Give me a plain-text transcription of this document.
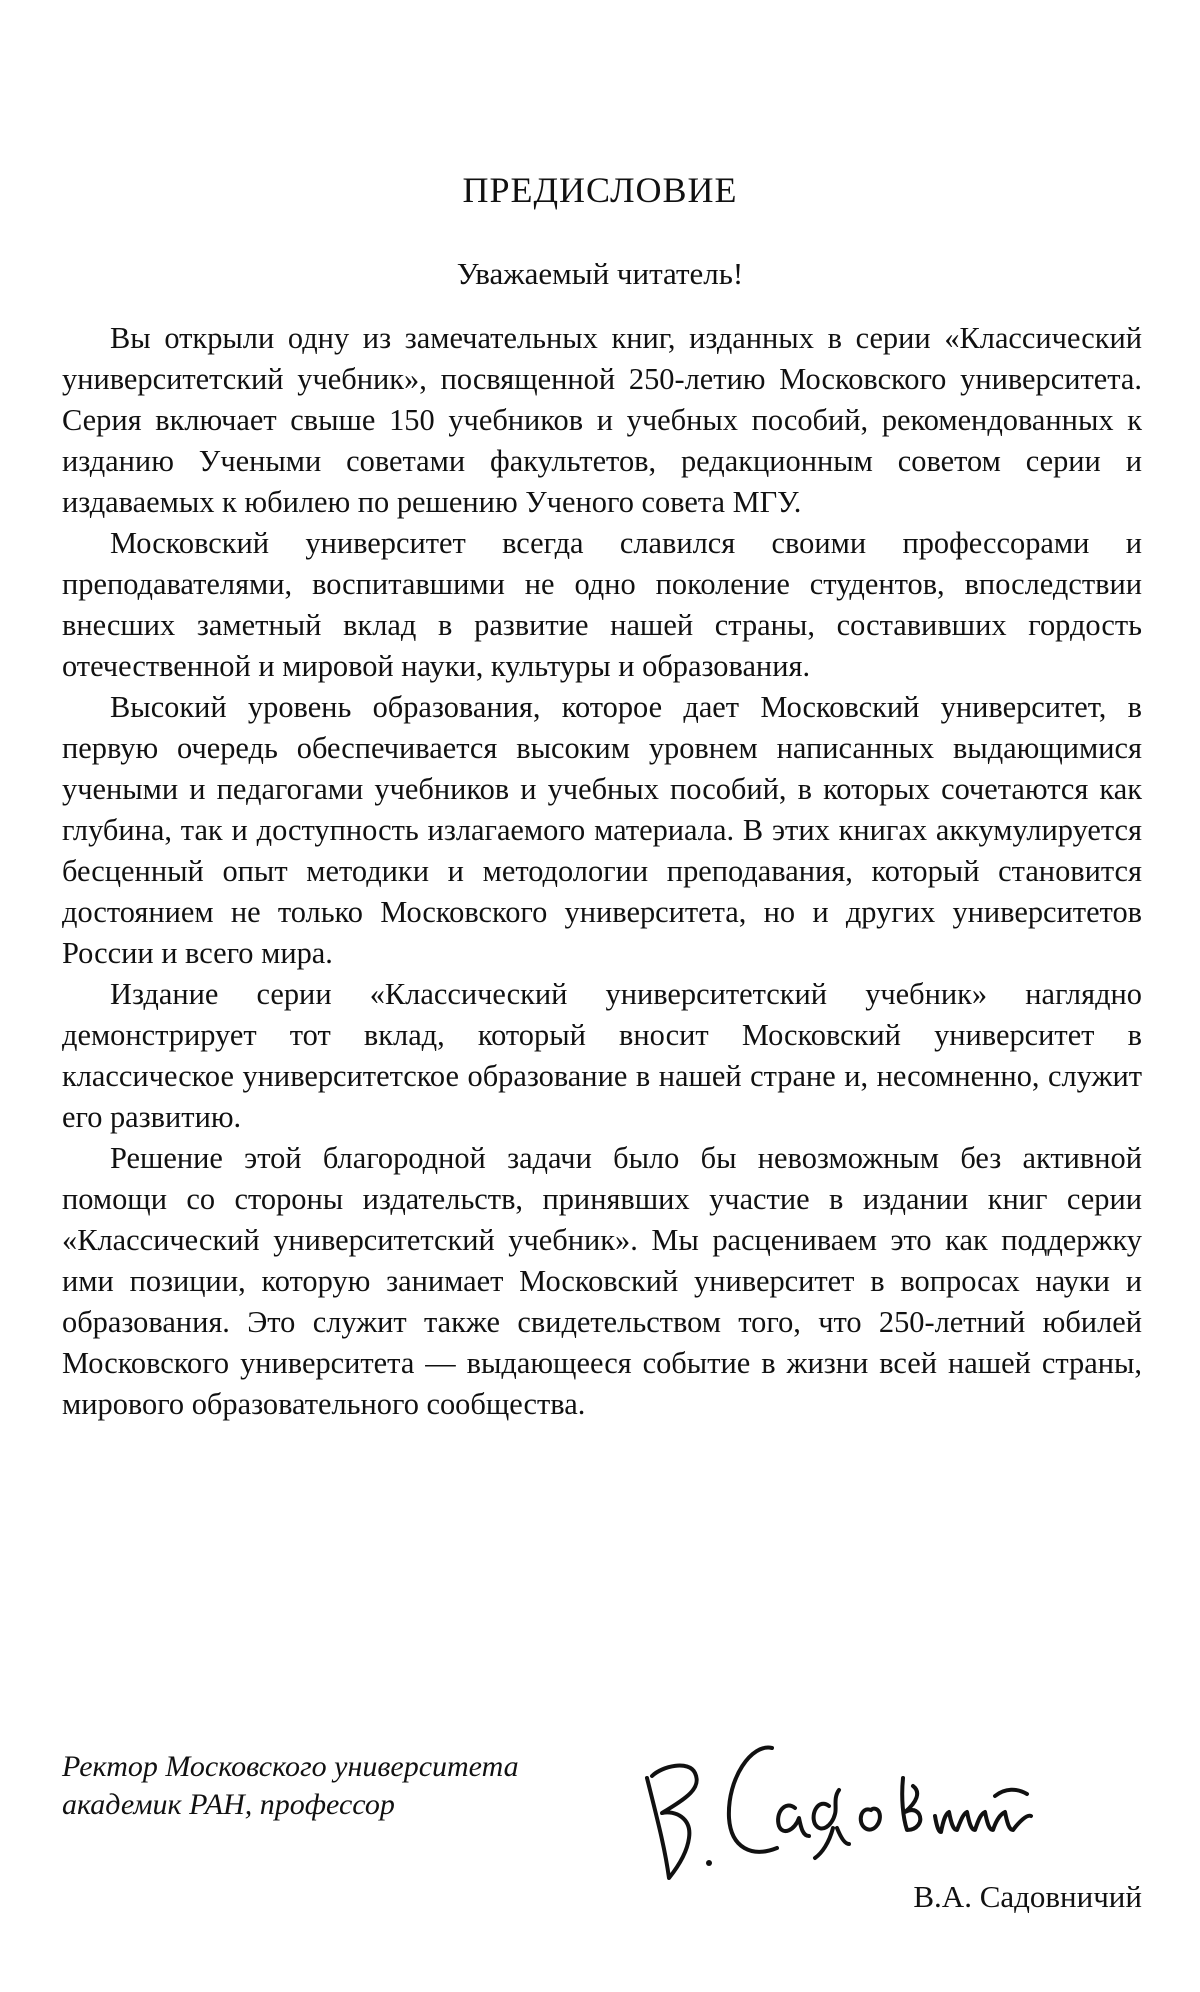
ПРЕДИСЛОВИЕ
Уважаемый читатель!

Вы открыли одну из замечательных книг, изданных в серии «Классический университетский учебник», посвященной 250-летию Московского университета. Серия включает свыше 150 учебников и учебных пособий, рекомендованных к изданию Учеными советами факультетов, редакционным советом серии и издаваемых к юбилею по решению Ученого совета МГУ.

Московский университет всегда славился своими профессорами и преподавателями, воспитавшими не одно поколение студентов, впоследствии внесших заметный вклад в развитие нашей страны, составивших гордость отечественной и мировой науки, культуры и образования.

Высокий уровень образования, которое дает Московский университет, в первую очередь обеспечивается высоким уровнем написанных выдающимися учеными и педагогами учебников и учебных пособий, в которых сочетаются как глубина, так и доступность излагаемого материала. В этих книгах аккумулируется бесценный опыт методики и методологии преподавания, который становится достоянием не только Московского университета, но и других университетов России и всего мира.

Издание серии «Классический университетский учебник» наглядно демонстрирует тот вклад, который вносит Московский университет в классическое университетское образование в нашей стране и, несомненно, служит его развитию.

Решение этой благородной задачи было бы невозможным без активной помощи со стороны издательств, принявших участие в издании книг серии «Классический университетский учебник». Мы расцениваем это как поддержку ими позиции, которую занимает Московский университет в вопросах науки и образования. Это служит также свидетельством того, что 250-летний юбилей Московского университета — выдающееся событие в жизни всей нашей страны, мирового образовательного сообщества.

Ректор Московского университета
академик РАН, профессор
В.А. Садовничий
